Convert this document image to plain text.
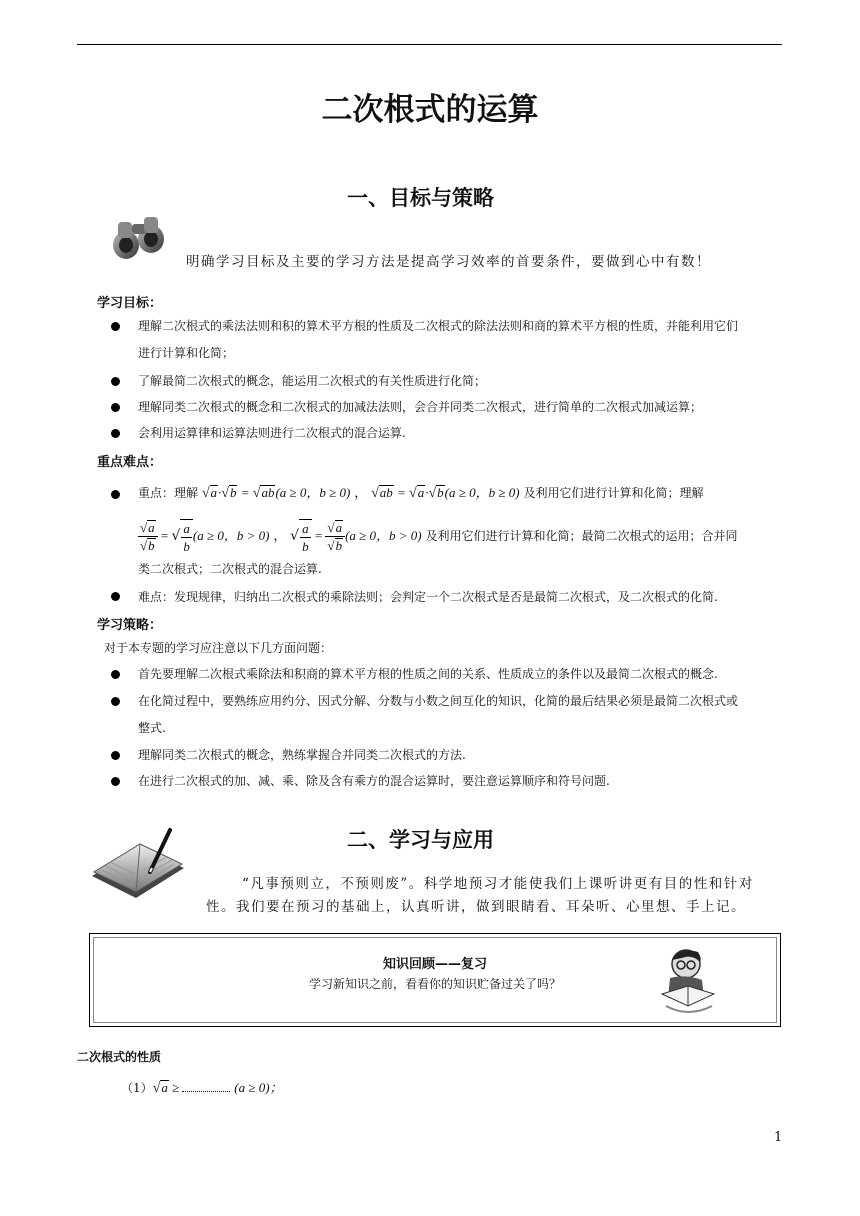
二次根式的运算
一、目标与策略
明确学习目标及主要的学习方法是提高学习效率的首要条件，要做到心中有数！
学习目标：
理解二次根式的乘法法则和积的算术平方根的性质及二次根式的除法法则和商的算术平方根的性质，并能利用它们
进行计算和化简；
了解最简二次根式的概念，能运用二次根式的有关性质进行化简；
理解同类二次根式的概念和二次根式的加减法法则，会合并同类二次根式，进行简单的二次根式加减运算；
会利用运算律和运算法则进行二次根式的混合运算.
重点难点：
重点：理解 √a·√b = √ab(a ≥ 0，b ≥ 0) ， √ab = √a·√b(a ≥ 0，b ≥ 0) 及利用它们进行计算和化简；理解
$\frac{√a}{√b}$ = √ $\frac{a}{b} (a \ge 0$，b > 0) ， √ $\frac{a}{b} = \frac{√a}{√b} (a \ge 0$，b > 0) 及利用它们进行计算和化简；最简二次根式的运用；合并同
类二次根式；二次根式的混合运算.
难点：发现规律，归纳出二次根式的乘除法则；会判定一个二次根式是否是最简二次根式，及二次根式的化简.
学习策略：
对于本专题的学习应注意以下几方面问题：
首先要理解二次根式乘除法和积商的算术平方根的性质之间的关系、性质成立的条件以及最简二次根式的概念.
在化简过程中，要熟练应用约分、因式分解、分数与小数之间互化的知识，化简的最后结果必须是最简二次根式或
整式.
理解同类二次根式的概念，熟练掌握合并同类二次根式的方法.
在进行二次根式的加、减、乘、除及含有乘方的混合运算时，要注意运算顺序和符号问题.
二、学习与应用
“凡事预则立，不预则废”。科学地预习才能使我们上课听讲更有目的性和针对
性。我们要在预习的基础上，认真听讲，做到眼睛看、耳朵听、心里想、手上记。
知识回顾——复习
学习新知识之前，看看你的知识贮备过关了吗？
二次根式的性质
（1）√a ≥	(a ≥ 0)；
1
